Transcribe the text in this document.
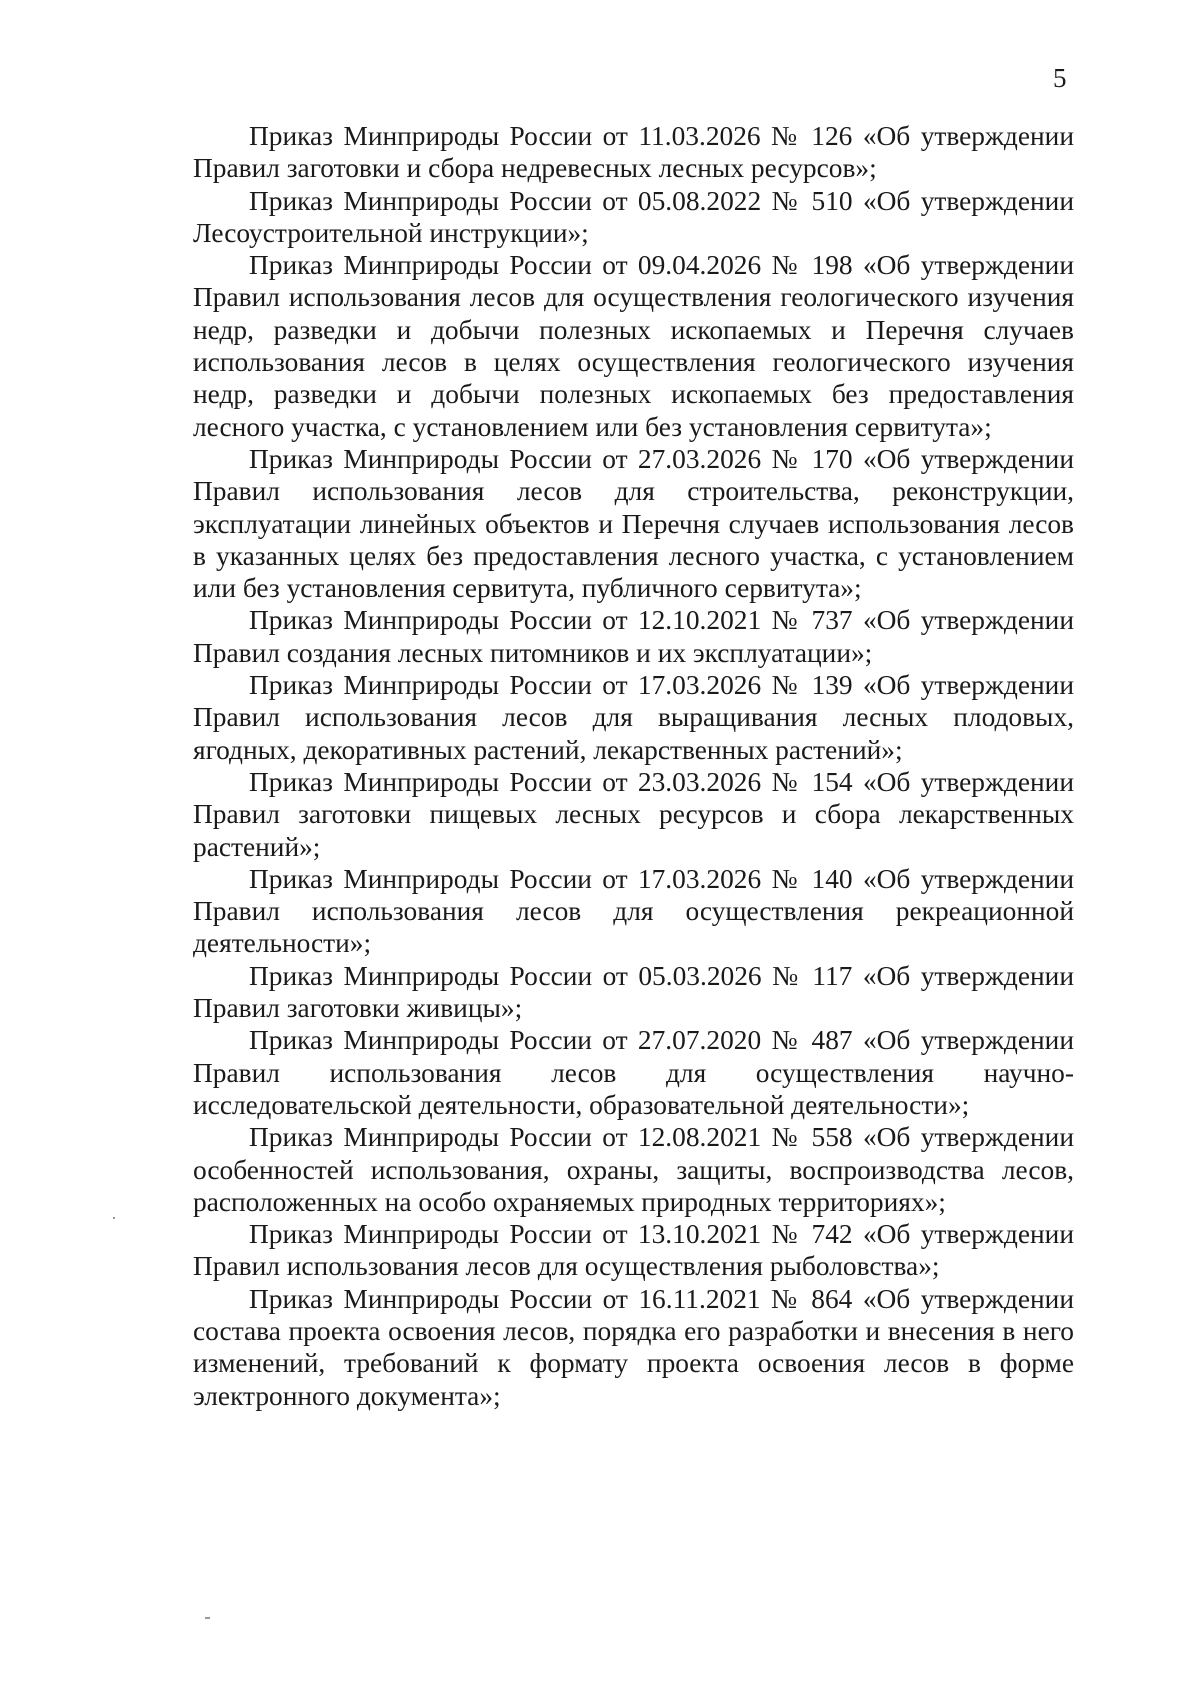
5

Приказ Минприроды России от 11.03.2026 № 126 «Об утверждении Правил заготовки и сбора недревесных лесных ресурсов»;

Приказ Минприроды России от 05.08.2022 № 510 «Об утверждении Лесоустроительной инструкции»;

Приказ Минприроды России от 09.04.2026 № 198 «Об утверждении Правил использования лесов для осуществления геологического изучения недр, разведки и добычи полезных ископаемых и Перечня случаев использования лесов в целях осуществления геологического изучения недр, разведки и добычи полезных ископаемых без предоставления лесного участка, с установлением или без установления сервитута»;

Приказ Минприроды России от 27.03.2026 № 170 «Об утверждении Правил использования лесов для строительства, реконструкции, эксплуатации линейных объектов и Перечня случаев использования лесов в указанных целях без предоставления лесного участка, с установлением или без установления сервитута, публичного сервитута»;

Приказ Минприроды России от 12.10.2021 № 737 «Об утверждении Правил создания лесных питомников и их эксплуатации»;

Приказ Минприроды России от 17.03.2026 № 139 «Об утверждении Правил использования лесов для выращивания лесных плодовых, ягодных, декоративных растений, лекарственных растений»;

Приказ Минприроды России от 23.03.2026 № 154 «Об утверждении Правил заготовки пищевых лесных ресурсов и сбора лекарственных растений»;

Приказ Минприроды России от 17.03.2026 № 140 «Об утверждении Правил использования лесов для осуществления рекреационной деятельности»;

Приказ Минприроды России от 05.03.2026 № 117 «Об утверждении Правил заготовки живицы»;

Приказ Минприроды России от 27.07.2020 № 487 «Об утверждении Правил использования лесов для осуществления научно-исследовательской деятельности, образовательной деятельности»;

Приказ Минприроды России от 12.08.2021 № 558 «Об утверждении особенностей использования, охраны, защиты, воспроизводства лесов, расположенных на особо охраняемых природных территориях»;

Приказ Минприроды России от 13.10.2021 № 742 «Об утверждении Правил использования лесов для осуществления рыболовства»;

Приказ Минприроды России от 16.11.2021 № 864 «Об утверждении состава проекта освоения лесов, порядка его разработки и внесения в него изменений, требований к формату проекта освоения лесов в форме электронного документа»;
